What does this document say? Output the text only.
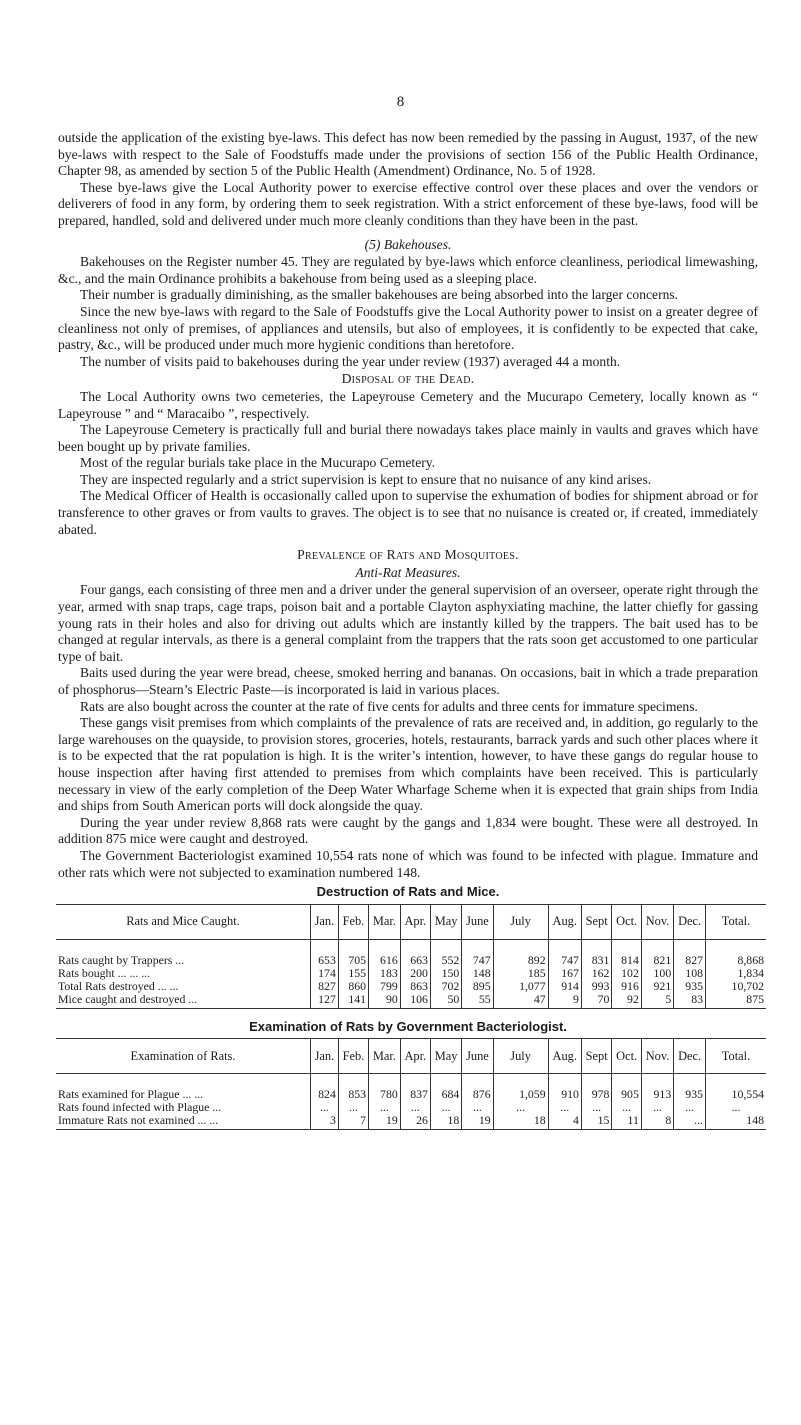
8

outside the application of the existing bye-laws. This defect has now been remedied by the passing in August, 1937, of the new bye-laws with respect to the Sale of Foodstuffs made under the provisions of section 156 of the Public Health Ordinance, Chapter 98, as amended by section 5 of the Public Health (Amendment) Ordinance, No. 5 of 1928.

These bye-laws give the Local Authority power to exercise effective control over these places and over the vendors or deliverers of food in any form, by ordering them to seek registration. With a strict enforcement of these bye-laws, food will be prepared, handled, sold and delivered under much more cleanly conditions than they have been in the past.

(5) Bakehouses.

Bakehouses on the Register number 45. They are regulated by bye-laws which enforce cleanliness, periodical limewashing, &c., and the main Ordinance prohibits a bakehouse from being used as a sleeping place.

Their number is gradually diminishing, as the smaller bakehouses are being absorbed into the larger concerns.

Since the new bye-laws with regard to the Sale of Foodstuffs give the Local Authority power to insist on a greater degree of cleanliness not only of premises, of appliances and utensils, but also of employees, it is confidently to be expected that cake, pastry, &c., will be produced under much more hygienic conditions than heretofore.

The number of visits paid to bakehouses during the year under review (1937) averaged 44 a month.

Disposal of the Dead.

The Local Authority owns two cemeteries, the Lapeyrouse Cemetery and the Mucurapo Cemetery, locally known as “ Lapeyrouse ” and “ Maracaibo ”, respectively.

The Lapeyrouse Cemetery is practically full and burial there nowadays takes place mainly in vaults and graves which have been bought up by private families.

Most of the regular burials take place in the Mucurapo Cemetery.

They are inspected regularly and a strict supervision is kept to ensure that no nuisance of any kind arises.

The Medical Officer of Health is occasionally called upon to supervise the exhumation of bodies for shipment abroad or for transference to other graves or from vaults to graves. The object is to see that no nuisance is created or, if created, immediately abated.

Prevalence of Rats and Mosquitoes.
Anti-Rat Measures.

Four gangs, each consisting of three men and a driver under the general supervision of an overseer, operate right through the year, armed with snap traps, cage traps, poison bait and a portable Clayton asphyxiating machine, the latter chiefly for gassing young rats in their holes and also for driving out adults which are instantly killed by the trappers. The bait used has to be changed at regular intervals, as there is a general complaint from the trappers that the rats soon get accustomed to one particular type of bait.

Baits used during the year were bread, cheese, smoked herring and bananas. On occasions, bait in which a trade preparation of phosphorus—Stearn’s Electric Paste—is incorporated is laid in various places.

Rats are also bought across the counter at the rate of five cents for adults and three cents for immature specimens.

These gangs visit premises from which complaints of the prevalence of rats are received and, in addition, go regularly to the large warehouses on the quayside, to provision stores, groceries, hotels, restaurants, barrack yards and such other places where it is to be expected that the rat population is high. It is the writer’s intention, however, to have these gangs do regular house to house inspection after having first attended to premises from which complaints have been received. This is particularly necessary in view of the early completion of the Deep Water Wharfage Scheme when it is expected that grain ships from India and ships from South American ports will dock alongside the quay.

During the year under review 8,868 rats were caught by the gangs and 1,834 were bought. These were all destroyed. In addition 875 mice were caught and destroyed.

The Government Bacteriologist examined 10,554 rats none of which was found to be infected with plague. Immature and other rats which were not subjected to examination numbered 148.

Destruction of Rats and Mice.
Rats and Mice Caught.	Jan.	Feb.	Mar.	Apr.	May	June	July	Aug.	Sept	Oct.	Nov.	Dec.	Total.

Rats caught by Trappers ...	653	705	616	663	552	747	892	747	831	814	821	827	8,868
Rats bought ... ... ...	174	155	183	200	150	148	185	167	162	102	100	108	1,834
Total Rats destroyed ... ...	827	860	799	863	702	895	1,077	914	993	916	921	935	10,702
Mice caught and destroyed ...	127	141	90	106	50	55	47	9	70	92	5	83	875
Examination of Rats by Government Bacteriologist.
Examination of Rats.	Jan.	Feb.	Mar.	Apr.	May	June	July	Aug.	Sept	Oct.	Nov.	Dec.	Total.

Rats examined for Plague ... ...	824	853	780	837	684	876	1,059	910	978	905	913	935	10,554
Rats found infected with Plague ...	...	...	...	...	...	...	...	...	...	...	...	...	...
Immature Rats not examined ... ...	3	7	19	26	18	19	18	4	15	11	8	...	148
